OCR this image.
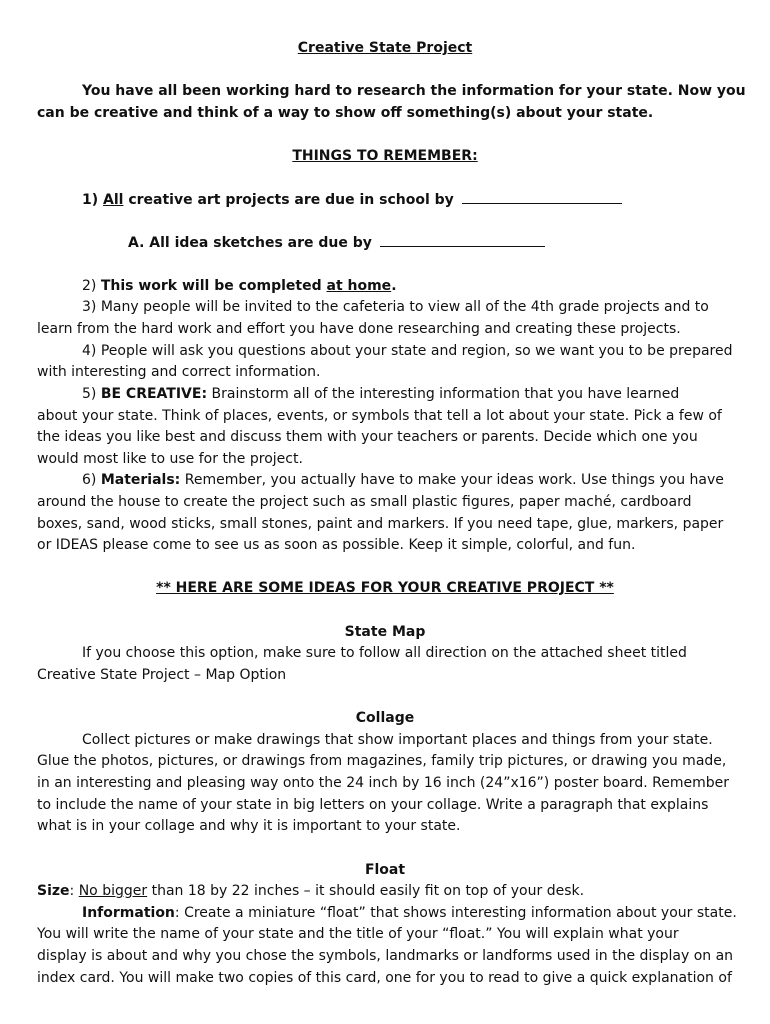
Creative State Project
You have all been working hard to research the information for your state. Now you
can be creative and think of a way to show off something(s) about your state.
THINGS TO REMEMBER:
1) All creative art projects are due in school by
A. All idea sketches are due by
2) This work will be completed at home.
3) Many people will be invited to the cafeteria to view all of the 4th grade projects and to
learn from the hard work and effort you have done researching and creating these projects.
4) People will ask you questions about your state and region, so we want you to be prepared
with interesting and correct information.
5) BE CREATIVE: Brainstorm all of the interesting information that you have learned
about your state. Think of places, events, or symbols that tell a lot about your state. Pick a few of
the ideas you like best and discuss them with your teachers or parents. Decide which one you
would most like to use for the project.
6) Materials: Remember, you actually have to make your ideas work. Use things you have
around the house to create the project such as small plastic figures, paper maché, cardboard
boxes, sand, wood sticks, small stones, paint and markers. If you need tape, glue, markers, paper
or IDEAS please come to see us as soon as possible. Keep it simple, colorful, and fun.
** HERE ARE SOME IDEAS FOR YOUR CREATIVE PROJECT **
State Map
If you choose this option, make sure to follow all direction on the attached sheet titled
Creative State Project – Map Option
Collage
Collect pictures or make drawings that show important places and things from your state.
Glue the photos, pictures, or drawings from magazines, family trip pictures, or drawing you made,
in an interesting and pleasing way onto the 24 inch by 16 inch (24”x16”) poster board. Remember
to include the name of your state in big letters on your collage. Write a paragraph that explains
what is in your collage and why it is important to your state.
Float
Size: No bigger than 18 by 22 inches – it should easily fit on top of your desk.
Information: Create a miniature “float” that shows interesting information about your state.
You will write the name of your state and the title of your “float.” You will explain what your
display is about and why you chose the symbols, landmarks or landforms used in the display on an
index card. You will make two copies of this card, one for you to read to give a quick explanation of
